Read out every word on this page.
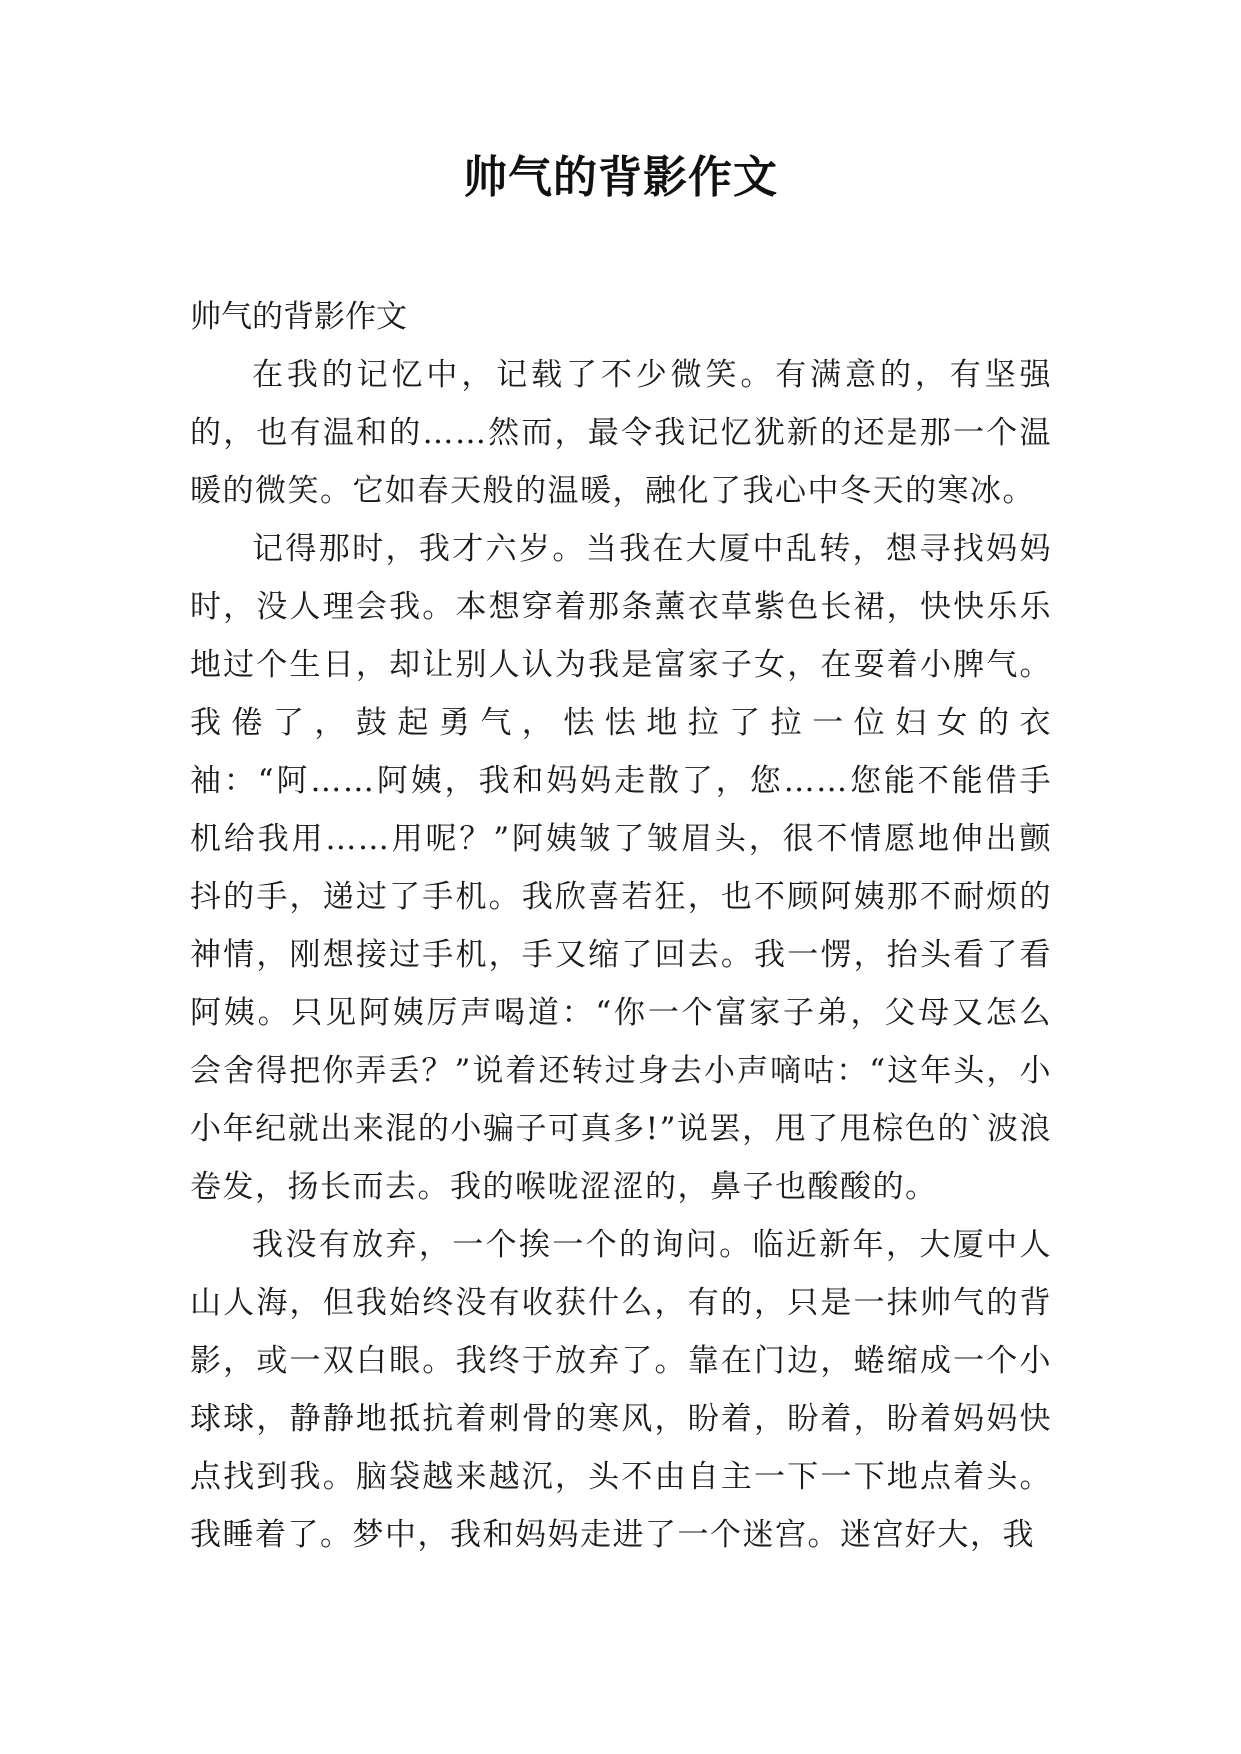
帅气的背影作文
帅气的背影作文

在我的记忆中，记载了不少微笑。有满意的，有坚强的，也有温和的……然而，最令我记忆犹新的还是那一个温暖的微笑。它如春天般的温暖，融化了我心中冬天的寒冰。

记得那时，我才六岁。当我在大厦中乱转，想寻找妈妈时，没人理会我。本想穿着那条薰衣草紫色长裙，快快乐乐地过个生日，却让别人认为我是富家子女，在耍着小脾气。我倦了，鼓起勇气，怯怯地拉了拉一位妇女的衣袖：“阿……阿姨，我和妈妈走散了，您……您能不能借手机给我用……用呢？”阿姨皱了皱眉头，很不情愿地伸出颤抖的手，递过了手机。我欣喜若狂，也不顾阿姨那不耐烦的神情，刚想接过手机，手又缩了回去。我一愣，抬头看了看阿姨。只见阿姨厉声喝道：“你一个富家子弟，父母又怎么会舍得把你弄丢？”说着还转过身去小声嘀咕：“这年头，小小年纪就出来混的小骗子可真多!”说罢，甩了甩棕色的`波浪卷发，扬长而去。我的喉咙涩涩的，鼻子也酸酸的。

我没有放弃，一个挨一个的询问。临近新年，大厦中人山人海，但我始终没有收获什么，有的，只是一抹帅气的背影，或一双白眼。我终于放弃了。靠在门边，蜷缩成一个小球球，静静地抵抗着刺骨的寒风，盼着，盼着，盼着妈妈快点找到我。脑袋越来越沉，头不由自主一下一下地点着头。我睡着了。梦中，我和妈妈走进了一个迷宫。迷宫好大，我
